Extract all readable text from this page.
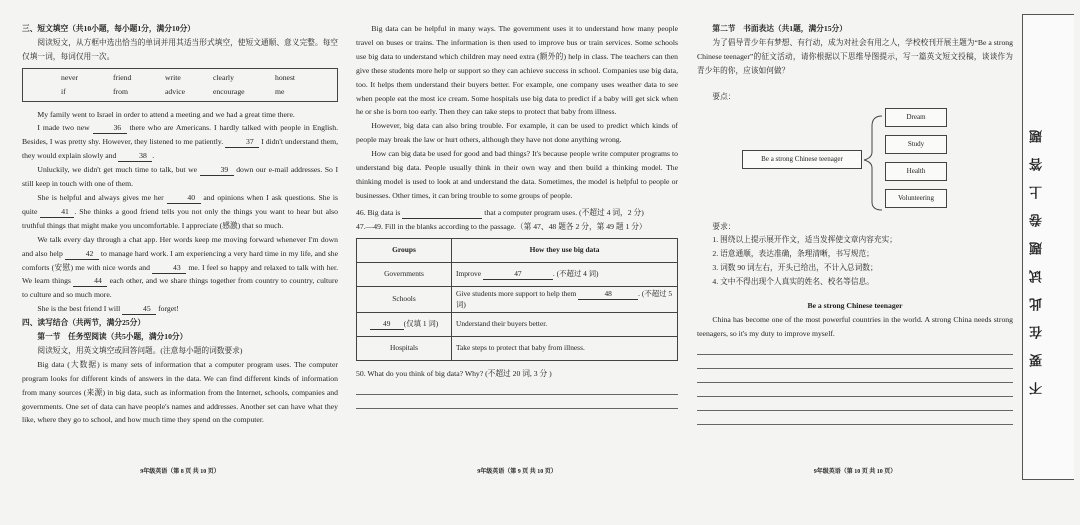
三、短文填空（共10小题，每小题1分，满分10分）

阅读短文，从方框中选出恰当的单词并用其适当形式填空，使短文通顺、意义完整。每空仅填一词，每词仅用一次。

never	friend	write	clearly	honest
if	from	advice	encourage	me

My family went to Israel in order to attend a meeting and we had a great time there.

I made two new	36 there who are Americans. I hardly talked with people in English. Besides, I was pretty shy. However, they listened to me patiently.	37 I didn't understand them, they would explain slowly and	38 .

Unluckily, we didn't get much time to talk, but we	39 down our e-mail addresses. So I still keep in touch with one of them.

She is helpful and always gives me her	40 and opinions when I ask questions. She is quite	41 . She thinks a good friend tells you not only the things you want to hear but also truthful things that might make you uncomfortable. I appreciate (感激) that so much.

We talk every day through a chat app. Her words keep me moving forward whenever I'm down and also help	42 to manage hard work. I am experiencing a very hard time in my life, and she comforts (安慰) me with nice words and	43 me. I feel so happy and relaxed to talk with her. We learn things	44 each other, and we share things together from country to country, culture to culture and so much more.

She is the best friend I will	45 forget!

四、读写结合（共两节，满分25分）

第一节　任务型阅读（共5小题，满分10分）

阅读短文，用英文填空或回答问题。(注意每小题的词数要求)

Big data (大数据) is many sets of information that a computer program uses. The computer program looks for different kinds of answers in the data. We can find different kinds of information from many sources (来源) in big data, such as information from the Internet, schools, companies and governments. One set of data can have people's names and addresses. Another set can have what they like, where they go to school, and how much time they spend on the computer.

9年级英语（第 8 页 共 10 页）

Big data can be helpful in many ways. The government uses it to understand how many people travel on buses or trains. The information is then used to improve bus or train services. Some schools use big data to understand which children may need extra (额外的) help in class. The teachers can then give these students more help or support so they can achieve success in school. Companies use big data, too. It helps them understand their buyers better. For example, one company uses weather data to see when people eat the most ice cream. Some hospitals use big data to predict if a baby will get sick when he or she is born too early. Then they can take steps to protect that baby from illness.

However, big data can also bring trouble. For example, it can be used to predict which kinds of people may break the law or hurt others, although they have not done anything wrong.

How can big data be used for good and bad things? It's because people write computer programs to understand big data. People usually think in their own way and then build a thinking model. The thinking model is used to look at and understand the data. Sometimes, the model is helpful to people or businesses. Other times, it can bring trouble to some groups of people.

46. Big data is	that a computer program uses. (不超过 4 词，2 分)

47.—49. Fill in the blanks according to the passage.（第 47、48 题各 2 分，第 49 题 1 分）

Groups	How they use big data
Governments	Improve 47 . (不超过 4 词)
Schools	Give students more support to help them 48 . (不超过 5 词)
49 (仅填 1 词)	Understand their buyers better.
Hospitals	Take steps to protect that baby from illness.

50. What do you think of big data? Why? (不超过 20 词, 3 分 )

9年级英语（第 9 页 共 10 页）

第二节　书面表达（共1题，满分15分）

为了倡导青少年有梦想、有行动，成为对社会有用之人，学校校刊开展主题为“Be a strong Chinese teenager”的征文活动，请你根据以下思维导图提示，写一篇英文短文投稿，谈谈作为青少年的你，应该如何做？

要点：

Be a strong Chinese teenager
Dream
Study
Health
Volunteering

要求：

1. 围绕以上提示展开作文，适当发挥使文章内容充实；

2. 语意通顺，表达准确，条理清晰，书写规范；

3. 词数 90 词左右，开头已给出，不计入总词数；

4. 文中不得出现个人真实的姓名、校名等信息。

Be a strong Chinese teenager

China has become one of the most powerful countries in the world. A strong China needs strong teenagers, so it's my duty to improve myself.

9年级英语（第 10 页 共 10 页）
不要在此试题卷上答题
